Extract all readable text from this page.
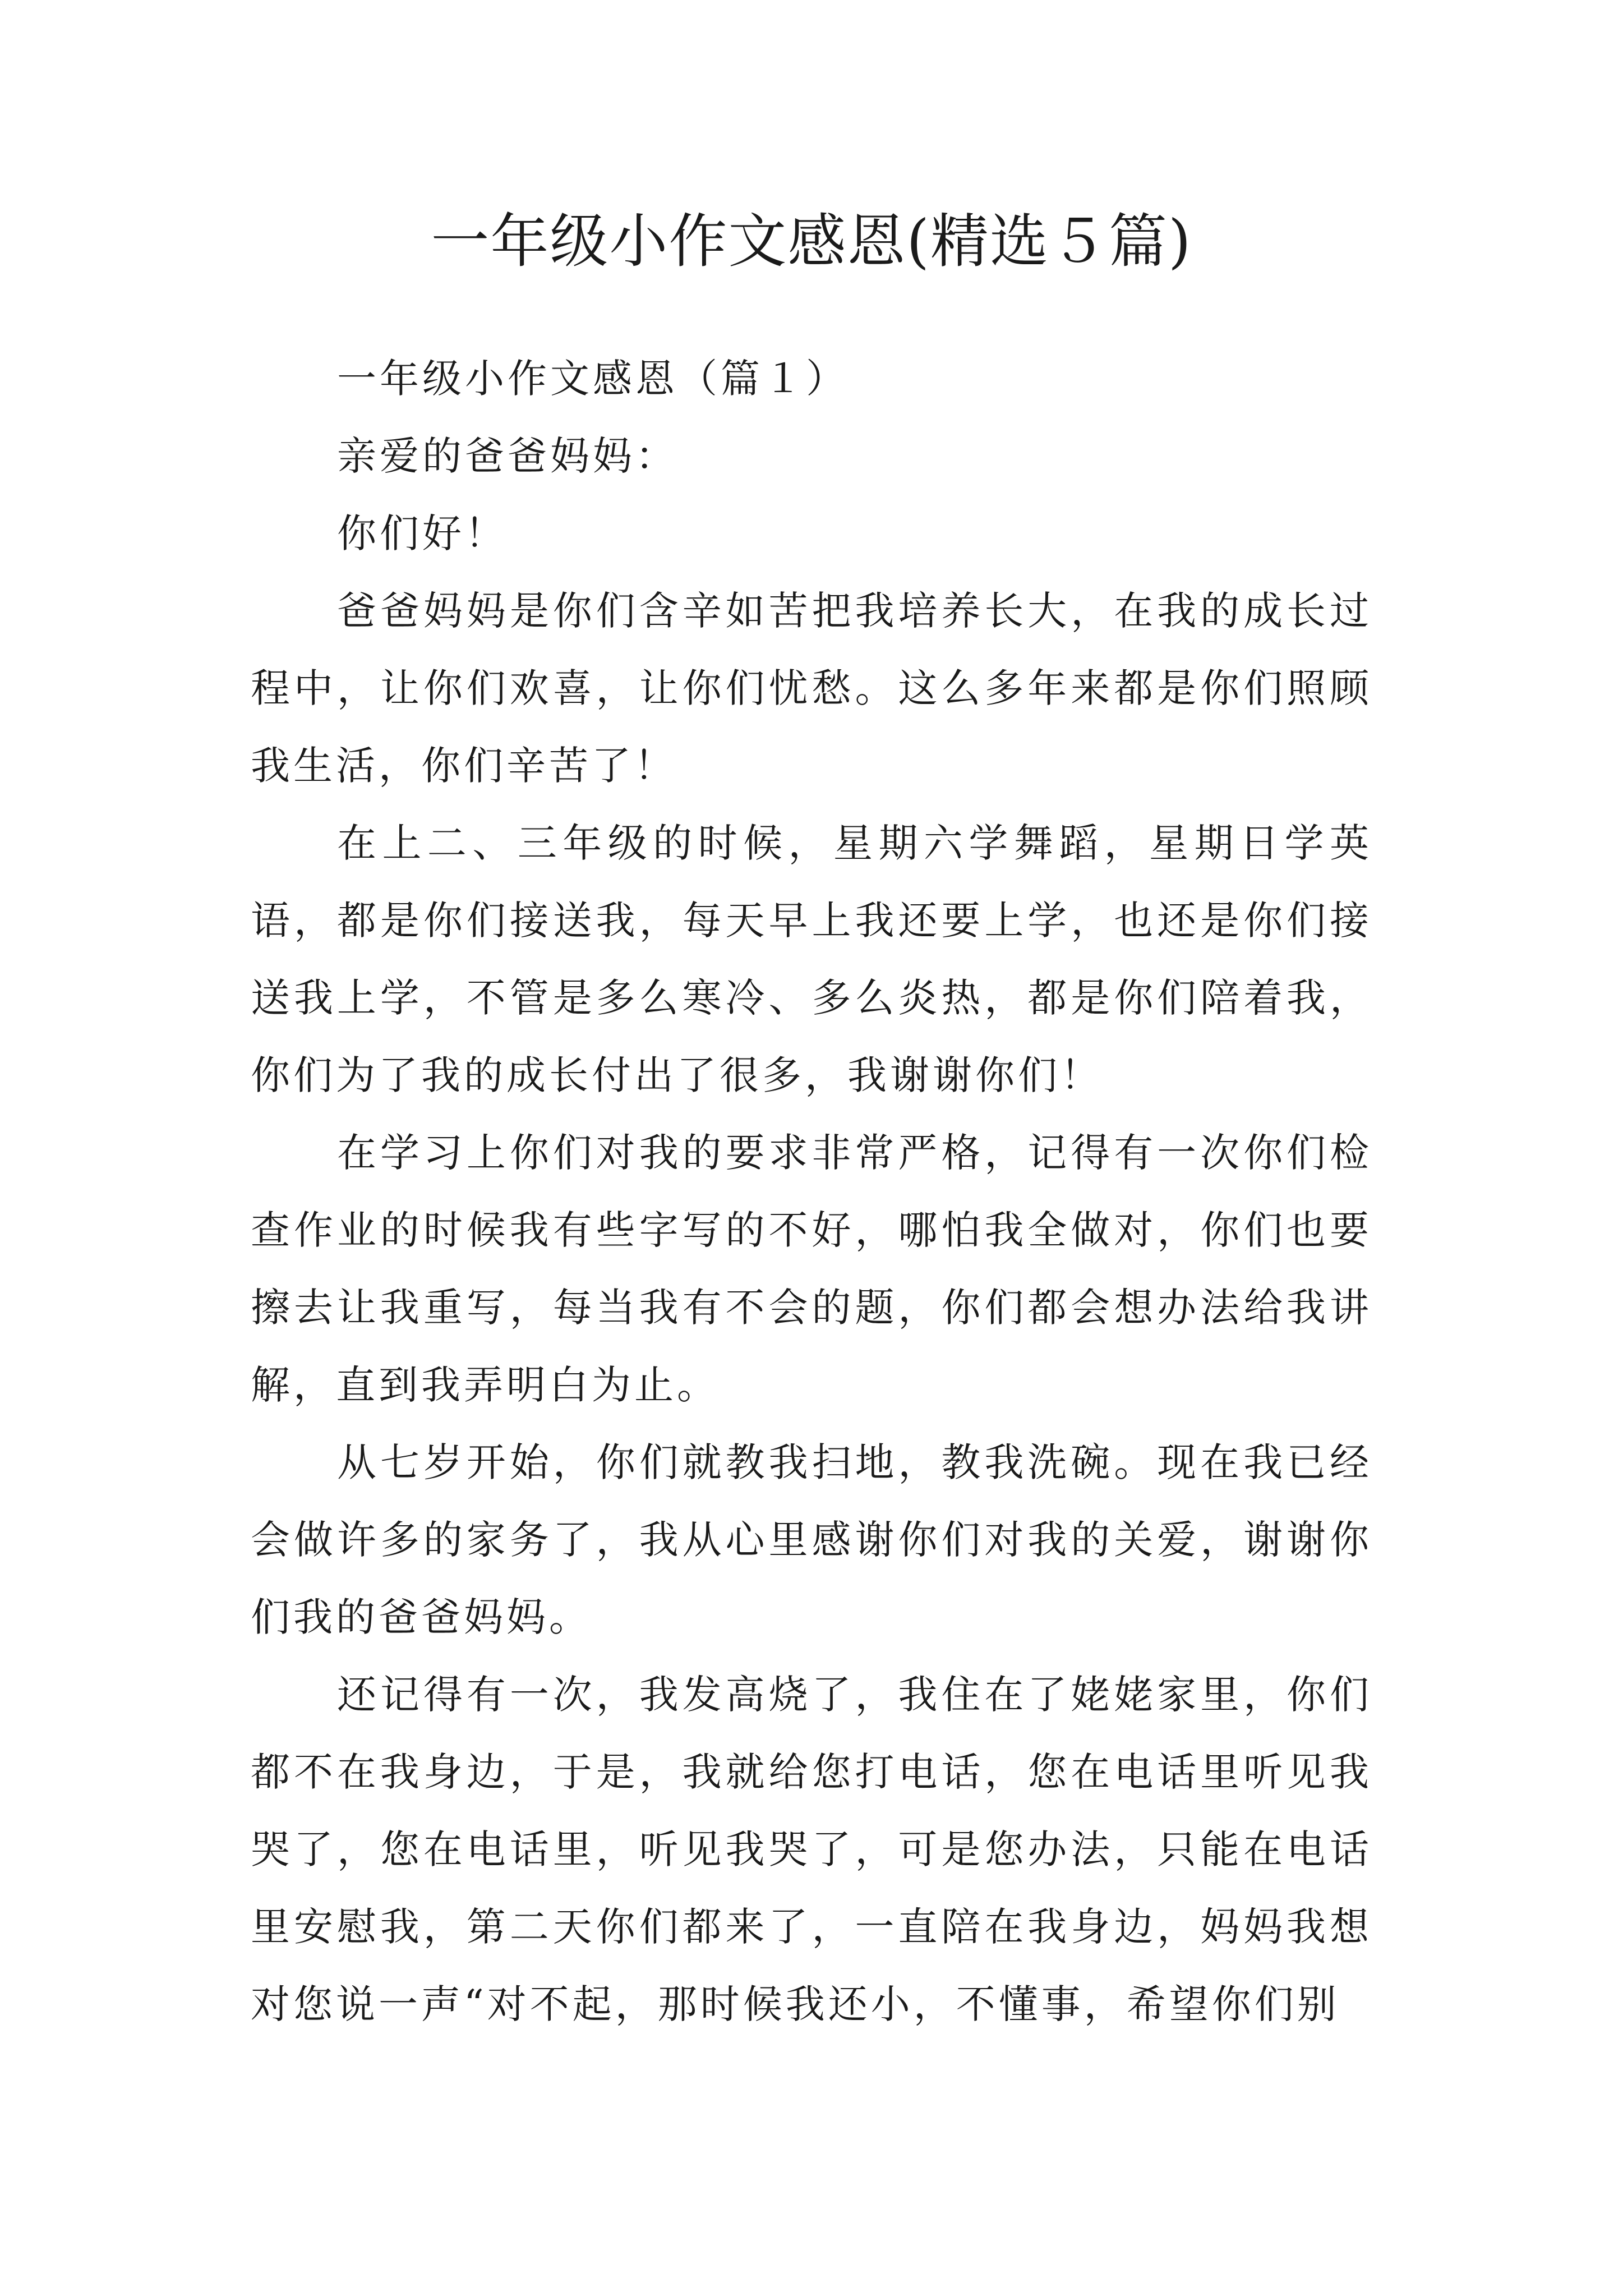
一年级小作文感恩(精选５篇)

一年级小作文感恩（篇１）

亲爱的爸爸妈妈：

你们好！

爸爸妈妈是你们含辛如苦把我培养长大，在我的成长过程中，让你们欢喜，让你们忧愁。这么多年来都是你们照顾我生活，你们辛苦了！

在上二、三年级的时候，星期六学舞蹈，星期日学英语，都是你们接送我，每天早上我还要上学，也还是你们接送我上学，不管是多么寒冷、多么炎热，都是你们陪着我，你们为了我的成长付出了很多，我谢谢你们！

在学习上你们对我的要求非常严格，记得有一次你们检查作业的时候我有些字写的不好，哪怕我全做对，你们也要擦去让我重写，每当我有不会的题，你们都会想办法给我讲解，直到我弄明白为止。

从七岁开始，你们就教我扫地，教我洗碗。现在我已经会做许多的家务了，我从心里感谢你们对我的关爱，谢谢你们我的爸爸妈妈。

还记得有一次，我发高烧了，我住在了姥姥家里，你们都不在我身边，于是，我就给您打电话，您在电话里听见我哭了，您在电话里，听见我哭了，可是您办法，只能在电话里安慰我，第二天你们都来了，一直陪在我身边，妈妈我想对您说一声“对不起，那时候我还小，不懂事，希望你们别
